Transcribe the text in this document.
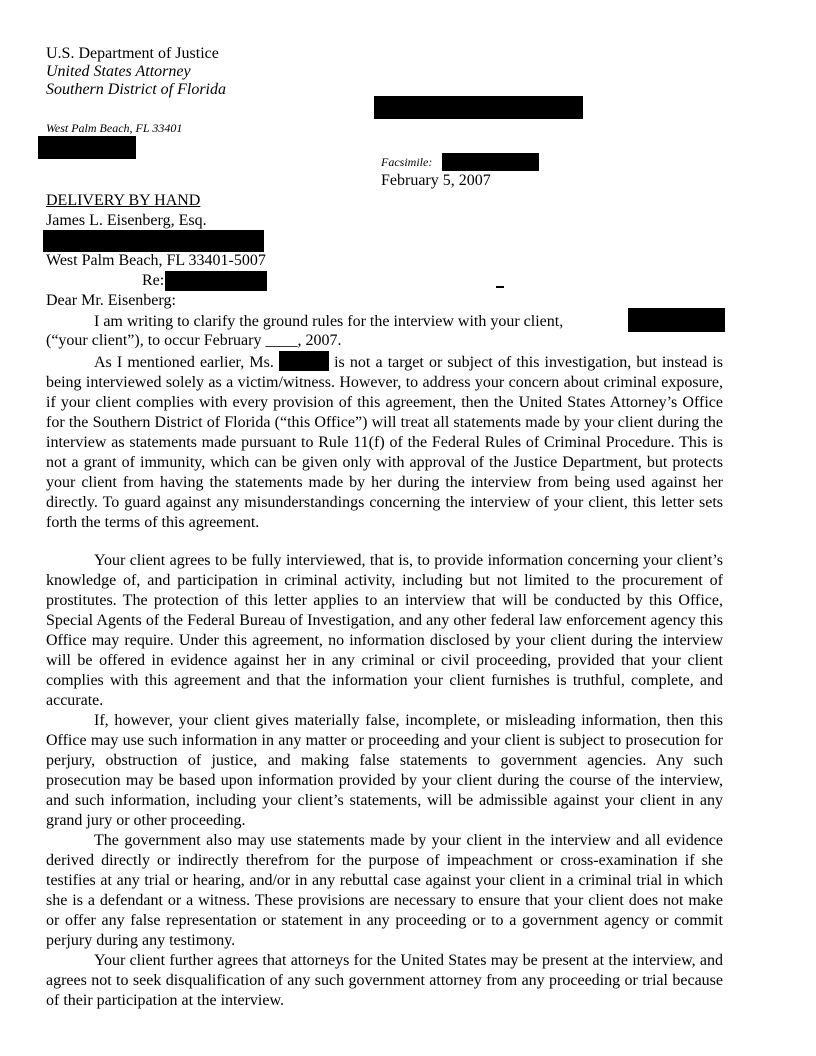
U.S. Department of Justice
United States Attorney
Southern District of Florida
West Palm Beach, FL 33401
Facsimile:
February 5, 2007
DELIVERY BY HAND
James L. Eisenberg, Esq.
West Palm Beach, FL 33401-5007
Re:
Dear Mr. Eisenberg:
I am writing to clarify the ground rules for the interview with your client,
(“your client”), to occur February ____, 2007.
As I mentioned earlier, Ms.	is not a target or subject of this investigation, but instead is being interviewed solely as a victim/witness. However, to address your concern about criminal exposure, if your client complies with every provision of this agreement, then the United States Attorney’s Office for the Southern District of Florida (“this Office”) will treat all statements made by your client during the interview as statements made pursuant to Rule 11(f) of the Federal Rules of Criminal Procedure. This is not a grant of immunity, which can be given only with approval of the Justice Department, but protects your client from having the statements made by her during the interview from being used against her directly. To guard against any misunderstandings concerning the interview of your client, this letter sets forth the terms of this agreement.
Your client agrees to be fully interviewed, that is, to provide information concerning your client’s knowledge of, and participation in criminal activity, including but not limited to the procurement of prostitutes. The protection of this letter applies to an interview that will be conducted by this Office, Special Agents of the Federal Bureau of Investigation, and any other federal law enforcement agency this Office may require. Under this agreement, no information disclosed by your client during the interview will be offered in evidence against her in any criminal or civil proceeding, provided that your client complies with this agreement and that the information your client furnishes is truthful, complete, and accurate.
If, however, your client gives materially false, incomplete, or misleading information, then this Office may use such information in any matter or proceeding and your client is subject to prosecution for perjury, obstruction of justice, and making false statements to government agencies. Any such prosecution may be based upon information provided by your client during the course of the interview, and such information, including your client’s statements, will be admissible against your client in any grand jury or other proceeding.
The government also may use statements made by your client in the interview and all evidence derived directly or indirectly therefrom for the purpose of impeachment or cross-examination if she testifies at any trial or hearing, and/or in any rebuttal case against your client in a criminal trial in which she is a defendant or a witness. These provisions are necessary to ensure that your client does not make or offer any false representation or statement in any proceeding or to a government agency or commit perjury during any testimony.
Your client further agrees that attorneys for the United States may be present at the interview, and agrees not to seek disqualification of any such government attorney from any proceeding or trial because of their participation at the interview.
